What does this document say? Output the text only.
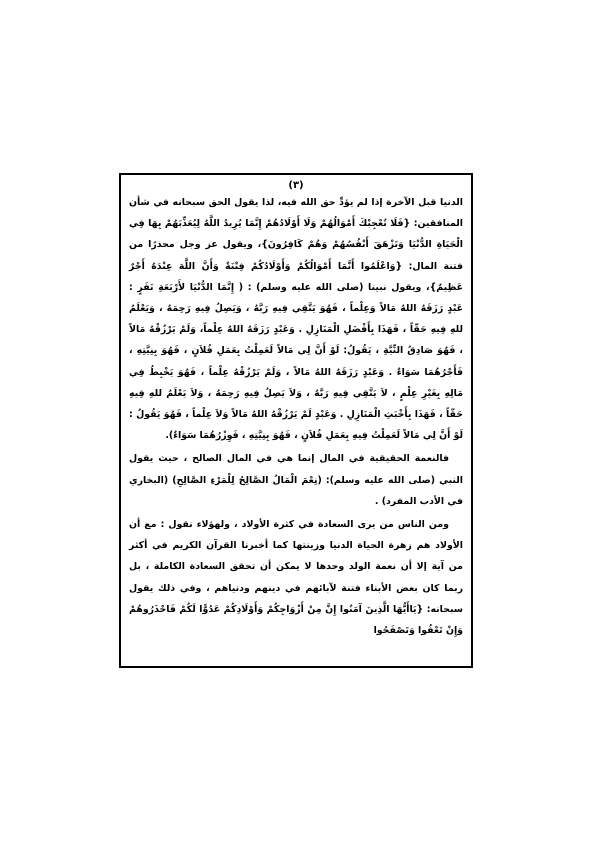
(٣)

الدنيا قبل الآخرة إذا لم يؤدِّ حق الله فيه، لذا يقول الحق سبحانه في شأن المنافقين: {فَلَا تُعْجِبْكَ أَمْوَالُهُمْ وَلَا أَوْلَادُهُمْ إِنَّمَا يُرِيدُ اللَّهُ لِيُعَذِّبَهُمْ بِهَا فِي الْحَيَاةِ الدُّنْيَا وَتَزْهَقَ أَنْفُسُهُمْ وَهُمْ كَافِرُونَ}، ويقول عز وجل محذرًا من فتنة المال: {وَاعْلَمُوا أَنَّمَا أَمْوَالُكُمْ وَأَوْلَادُكُمْ فِتْنَةٌ وَأَنَّ اللَّهَ عِنْدَهُ أَجْرٌ عَظِيمٌ}، ويقول نبينا (صلى الله عليه وسلم) : ( إِنَّمَا الدُّنْيَا لأَرْبَعَةِ نَفَرٍ : عَبْدٍ رَزَقَهُ اللهُ مَالاً وَعِلْماً ، فَهُوَ يَتَّقِي فِيهِ رَبَّهُ ، وَيَصِلُ فِيهِ رَحِمَهُ ، وَيَعْلَمُ للهِ فِيهِ حَقّاً ، فَهَذَا بِأَفْضَلِ الْمَنَازِلِ . وَعَبْدٍ رَزَقَهُ اللهُ عِلْماً، وَلَمْ يَرْزُقْهُ مَالاً ، فَهُوَ صَادِقُ النِّيَّةِ ، يَقُولُ: لَوْ أَنَّ لِي مَالاً لَعَمِلْتُ بِعَمَلِ فُلاَنٍ ، فَهُوَ بِنِيَّتِهِ ، فَأَجْرُهُمَا سَوَاءٌ . وَعَبْدٍ رَزَقَهُ اللهُ مَالاً ، وَلَمْ يَرْزُقْهُ عِلْماً ، فَهُوَ يَخْبِطُ فِي مَالِهِ بِغَيْرِ عِلْمٍ ، لاَ يَتَّقِي فِيهِ رَبَّهُ ، وَلاَ يَصِلُ فِيهِ رَحِمَهُ ، وَلاَ يَعْلَمُ للهِ فِيهِ حَقّاً ، فَهَذَا بِأَخْبَثِ الْمَنَازِلِ . وَعَبْدٍ لَمْ يَرْزُقْهُ اللهُ مَالاً وَلاَ عِلْماً ، فَهُوَ يَقُولُ : لَوْ أَنَّ لِي مَالاً لَعَمِلْتُ فِيهِ بِعَمَلِ فُلاَنٍ ، فَهُوَ بِنِيَّتِهِ ، فَوِزْرُهُمَا سَوَاءٌ).

فالنعمة الحقيقية في المال إنما هي في المال الصالح ، حيث يقول النبي (صلى الله عليه وسلم): (نِعْمَ الْمَالُ الصَّالِحُ لِلْمَرْءِ الصَّالِحِ) (البخاري في الأدب المفرد) .

ومن الناس من يرى السعادة في كثرة الأولاد ، ولهؤلاء نقول : مع أن الأولاد هم زهرة الحياة الدنيا وزينتها كما أخبرنا القرآن الكريم في أكثر من آية إلا أن نعمة الولد وحدها لا يمكن أن تحقق السعادة الكاملة ، بل ربما كان بعض الأبناء فتنة لآبائهم في دينهم ودنياهم ، وفي ذلك يقول سبحانه: {يَاأَيُّهَا الَّذِينَ آمَنُوا إِنَّ مِنْ أَزْوَاجِكُمْ وَأَوْلَادِكُمْ عَدُوًّا لَكُمْ فَاحْذَرُوهُمْ وَإِنْ تَعْفُوا وَتَصْفَحُوا
